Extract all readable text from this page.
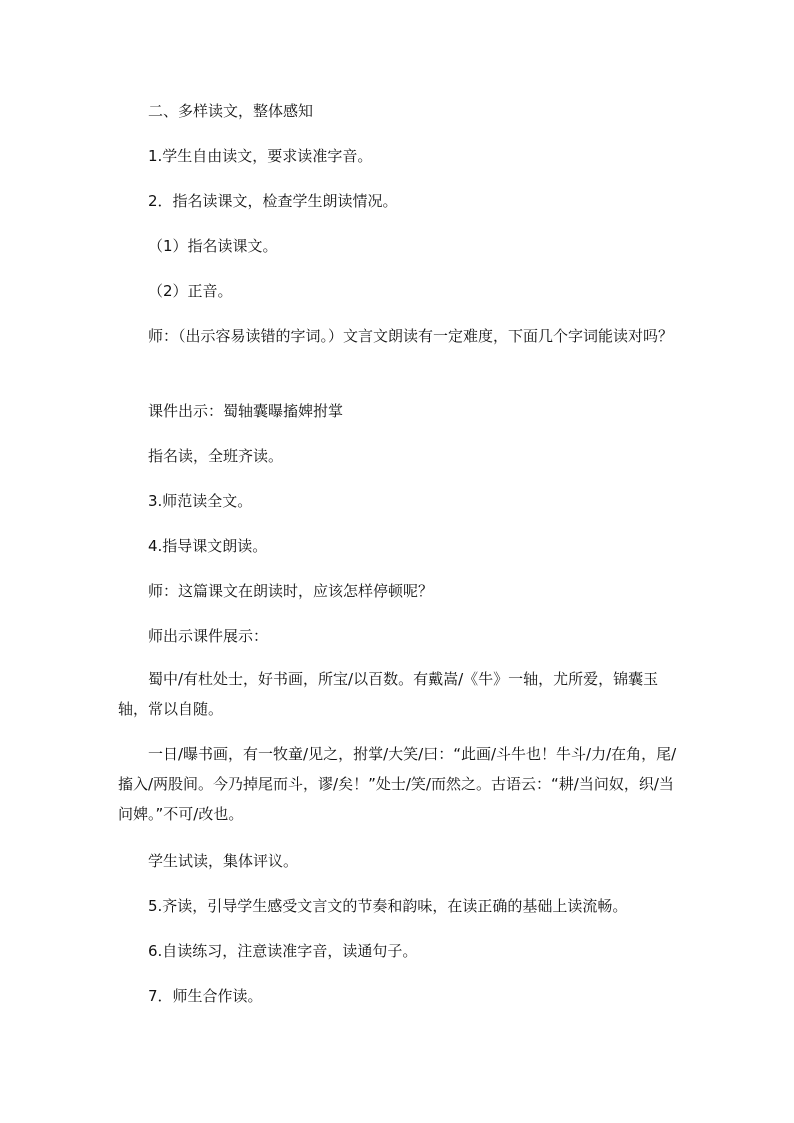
二、多样读文，整体感知

1.学生自由读文，要求读准字音。

2．指名读课文，检查学生朗读情况。

（1）指名读课文。

（2）正音。

师：（出示容易读错的字词。）文言文朗读有一定难度，下面几个字词能读对吗？

课件出示：蜀轴囊曝搐婢拊掌

指名读，全班齐读。

3.师范读全文。

4.指导课文朗读。

师：这篇课文在朗读时，应该怎样停顿呢？

师出示课件展示：

蜀中/有杜处士，好书画，所宝/以百数。有戴嵩/《牛》一轴，尤所爱，锦囊玉轴，常以自随。

一日/曝书画，有一牧童/见之，拊掌/大笑/曰：“此画/斗牛也！牛斗/力/在角，尾/搐入/两股间。今乃掉尾而斗，谬/矣！”处士/笑/而然之。古语云：“耕/当问奴，织/当问婢。”不可/改也。

学生试读，集体评议。

5.齐读，引导学生感受文言文的节奏和韵味，在读正确的基础上读流畅。

6.自读练习，注意读准字音，读通句子。

7．师生合作读。
